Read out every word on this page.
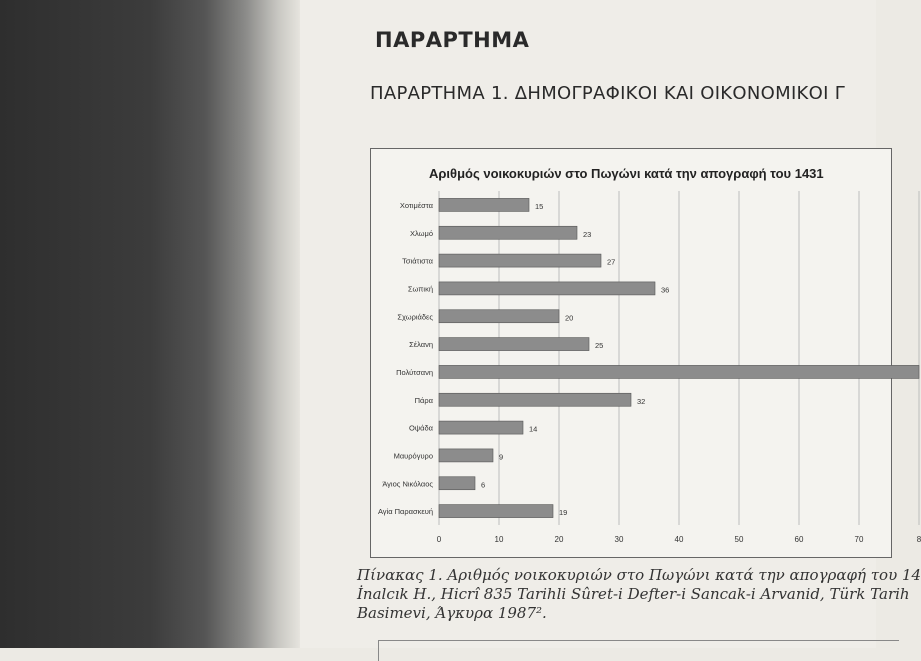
ΠΑΡΑΡΤΗΜΑ
ΠΑΡΑΡΤΗΜΑ 1. ΔΗΜΟΓΡΑΦΙΚΟΙ ΚΑΙ ΟΙΚΟΝΟΜΙΚΟΙ Γ
Αριθμός νοικοκυριών στο Πωγώνι κατά την απογραφή του 1431
Χοτιμέστα
Χλωμό
Τσιάτιστα
Σωπική
Σχωριάδες
Σέλανη
Πολύτσανη
Πάρα
Οψάδα
Μαυρόγυρο
Άγιος Νικόλαος
Αγία Παρασκευή
15
23
27
36
20
25
32
14
9
6
19
0	10	20	30	40	50	60	70	8
Πίνακας 1. Αριθμός νοικοκυριών στο Πωγώνι κατά την απογραφή του 14
İnalcık H., Hicrî 835 Tarihli Sûret-i Defter-i Sancak-i Arvanid, Türk Tarih
Basimevi, Άγκυρα 1987².
